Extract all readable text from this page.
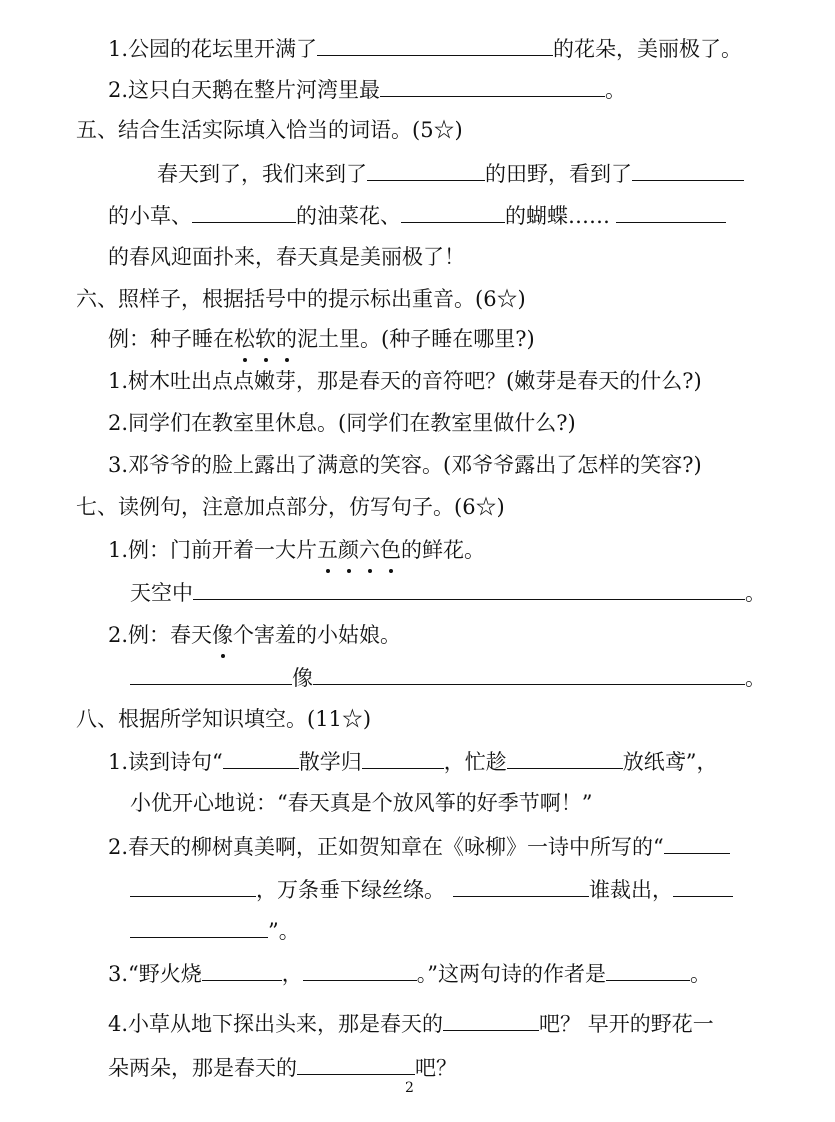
1.公园的花坛里开满了	的花朵，美丽极了。
2.这只白天鹅在整片河湾里最	。
五、结合生活实际填入恰当的词语。(5☆)
春天到了，我们来到了	的田野，看到了
的小草、	的油菜花、	的蝴蝶……
的春风迎面扑来，春天真是美丽极了！
六、照样子，根据括号中的提示标出重音。(6☆)
例：种子睡在松软的泥土里。(种子睡在哪里?)
1.树木吐出点点嫩芽，那是春天的音符吧？(嫩芽是春天的什么?)
2.同学们在教室里休息。(同学们在教室里做什么?)
3.邓爷爷的脸上露出了满意的笑容。(邓爷爷露出了怎样的笑容?)
七、读例句，注意加点部分，仿写句子。(6☆)
1.例：门前开着一大片五颜六色的鲜花。
天空中	。
2.例：春天像个害羞的小姑娘。
像	。
八、根据所学知识填空。(11☆)
1.读到诗句“	散学归	，忙趁	放纸鸢”，
小优开心地说：“春天真是个放风筝的好季节啊！”
2.春天的柳树真美啊，正如贺知章在《咏柳》一诗中所写的“
，万条垂下绿丝绦。	谁裁出，
”。
3.“野火烧	，	。”这两句诗的作者是	。
4.小草从地下探出头来，那是春天的	吧？ 早开的野花一
朵两朵，那是春天的	吧？
2
